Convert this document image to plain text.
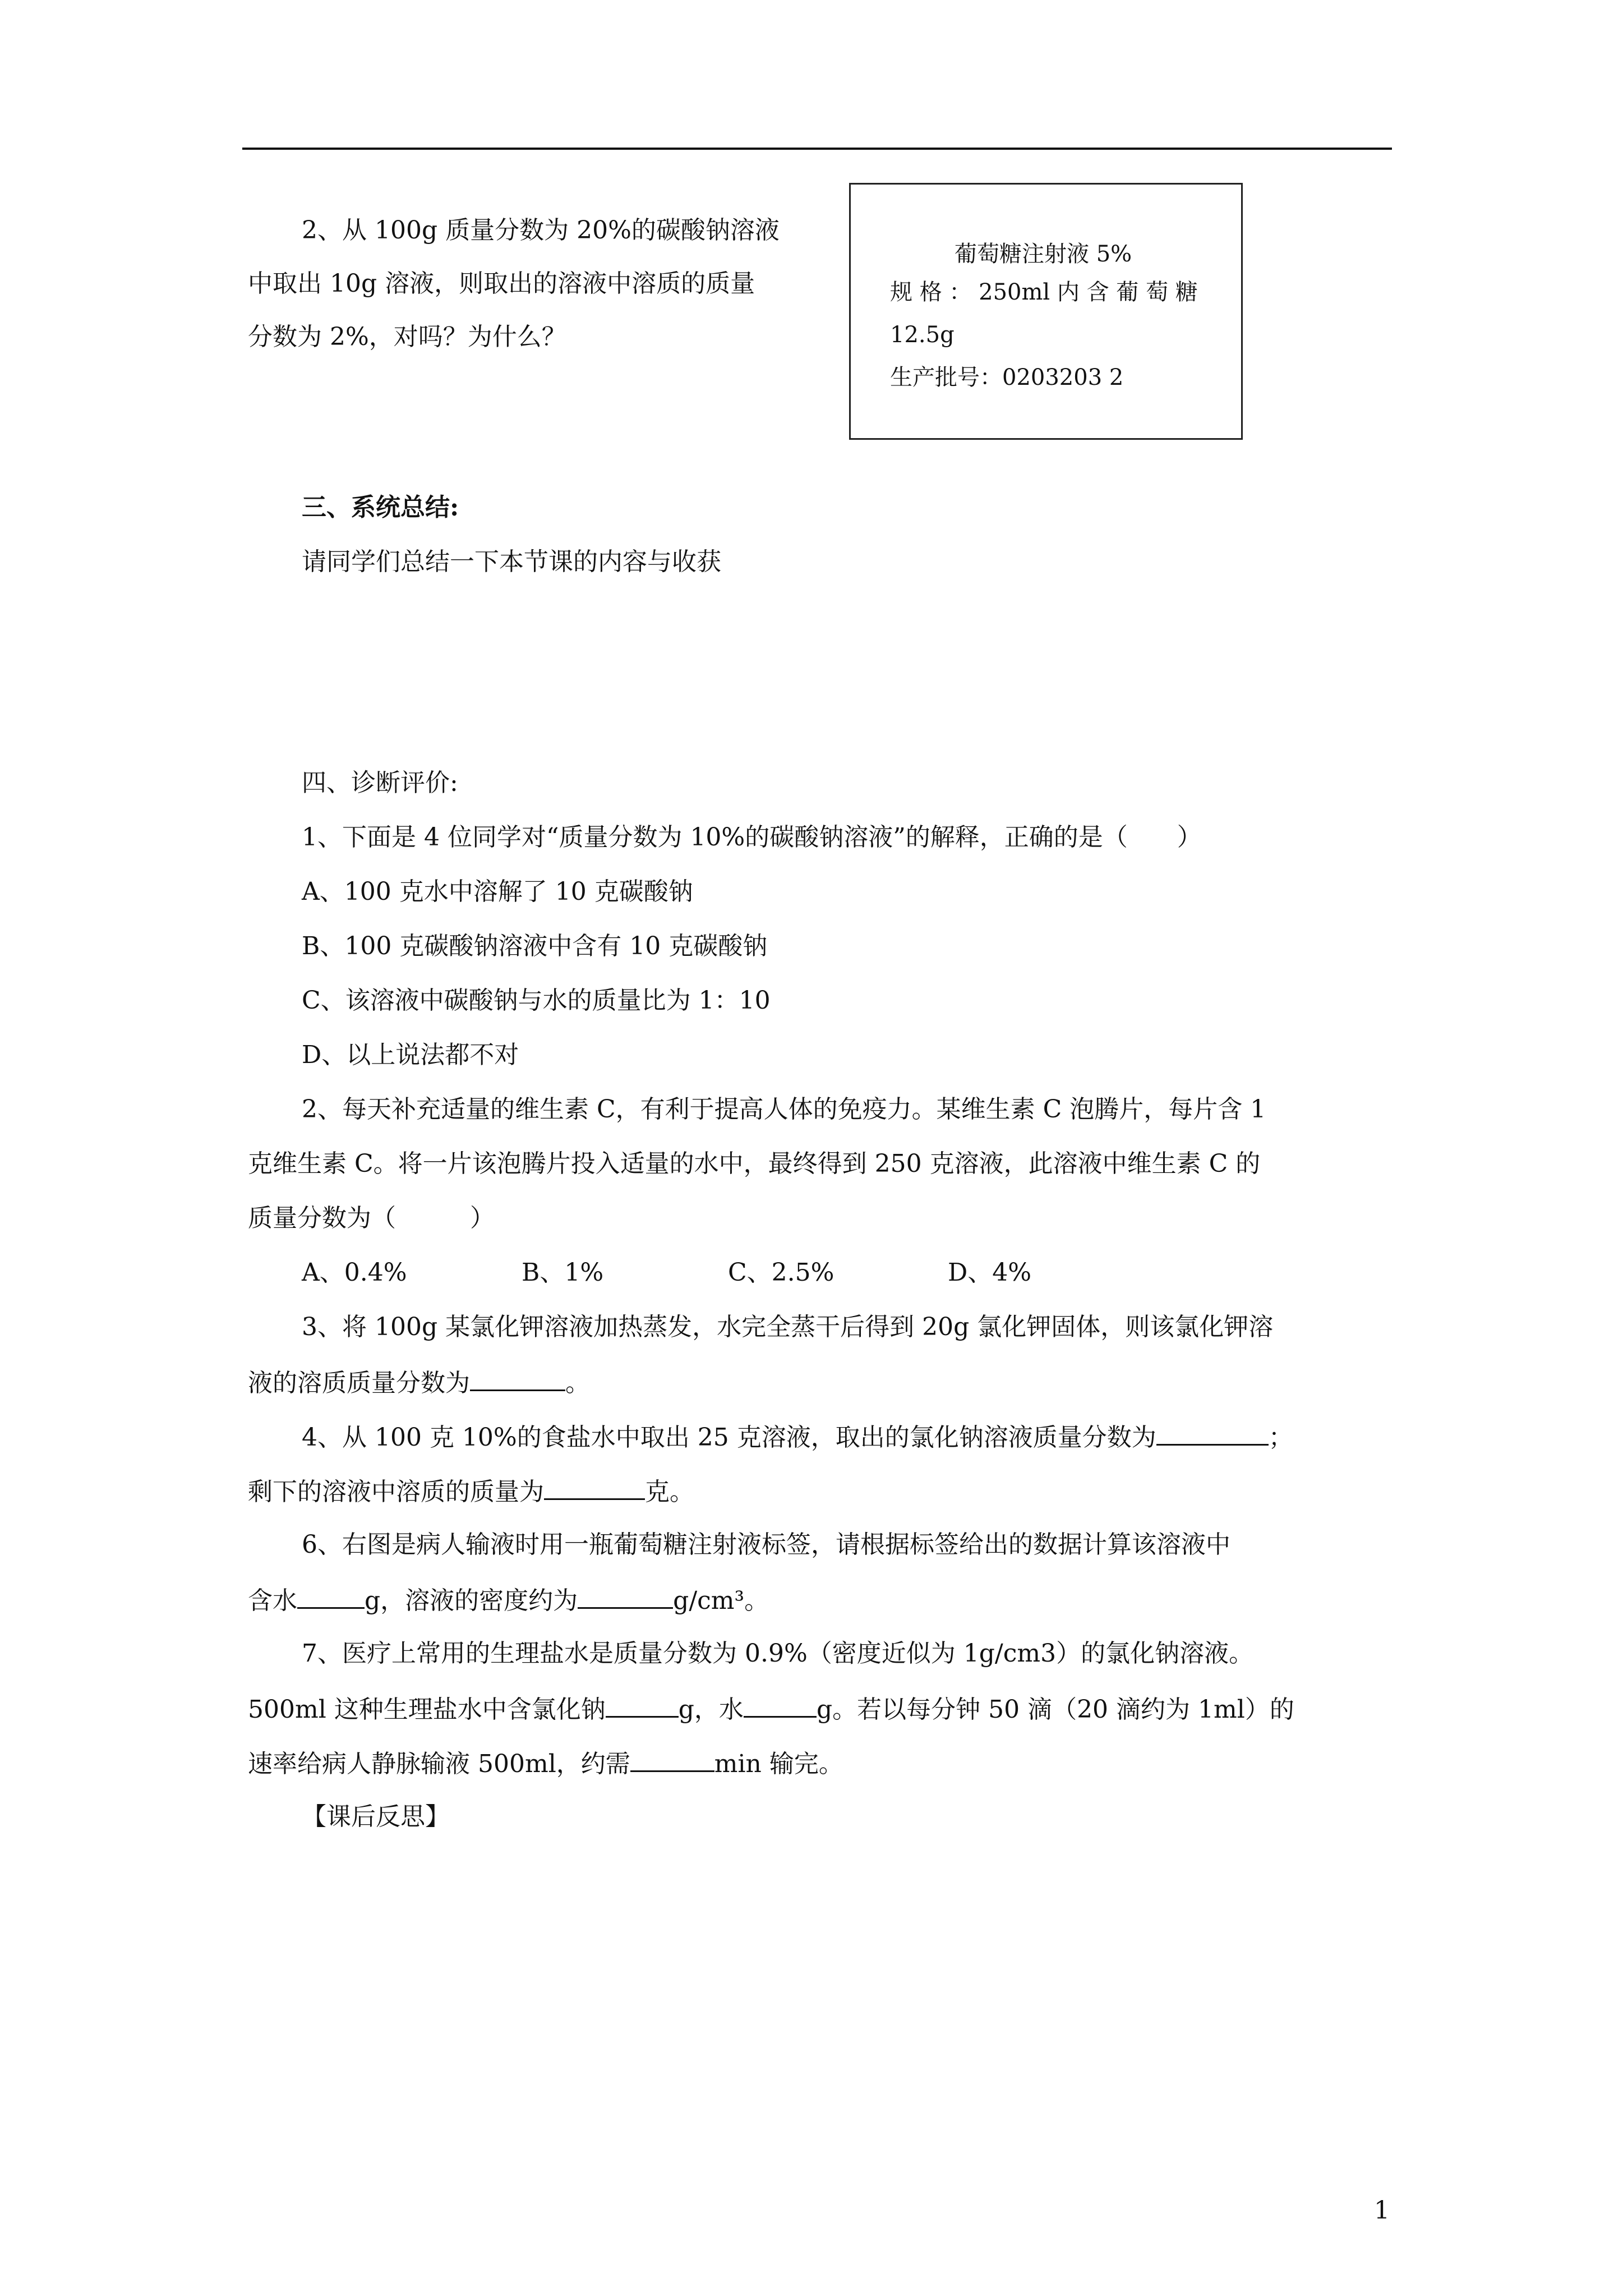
2、从 100g 质量分数为 20%的碳酸钠溶液
中取出 10g 溶液，则取出的溶液中溶质的质量
分数为 2%，对吗？为什么？
葡萄糖注射液 5%
规 格 ： 250ml 内 含 葡 萄 糖
12.5g
生产批号：0203203 2
三、系统总结:
请同学们总结一下本节课的内容与收获
四、诊断评价:
1、下面是 4 位同学对“质量分数为 10%的碳酸钠溶液”的解释，正确的是（　　）
A、100 克水中溶解了 10 克碳酸钠
B、100 克碳酸钠溶液中含有 10 克碳酸钠
C、该溶液中碳酸钠与水的质量比为 1：10
D、以上说法都不对
2、每天补充适量的维生素 C，有利于提高人体的免疫力。某维生素 C 泡腾片，每片含 1
克维生素 C。将一片该泡腾片投入适量的水中，最终得到 250 克溶液，此溶液中维生素 C 的
质量分数为（　　　）
A、0.4%	B、1%	C、2.5%	D、4%
3、将 100g 某氯化钾溶液加热蒸发，水完全蒸干后得到 20g 氯化钾固体，则该氯化钾溶
液的溶质质量分数为	。
4、从 100 克 10%的食盐水中取出 25 克溶液，取出的氯化钠溶液质量分数为	；
剩下的溶液中溶质的质量为	克。
6、右图是病人输液时用一瓶葡萄糖注射液标签，请根据标签给出的数据计算该溶液中
含水	g，溶液的密度约为	g/cm³。
7、医疗上常用的生理盐水是质量分数为 0.9%（密度近似为 1g/cm3）的氯化钠溶液。
500ml 这种生理盐水中含氯化钠	g，水	g。若以每分钟 50 滴（20 滴约为 1ml）的
速率给病人静脉输液 500ml，约需	min 输完。
【课后反思】
1
